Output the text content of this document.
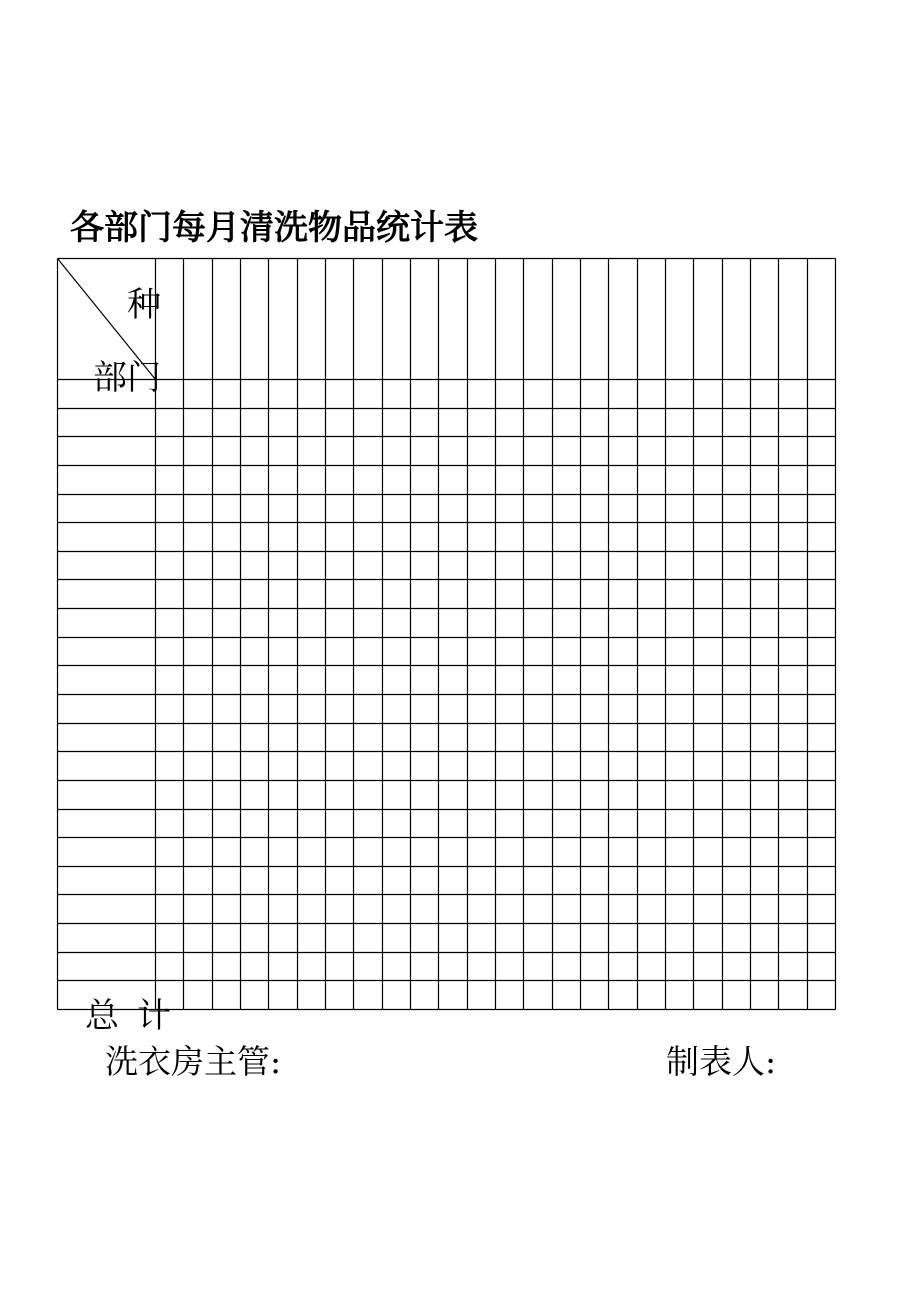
各部门每月清洗物品统计表
种
部门
总计
洗衣房主管:	制表人:
